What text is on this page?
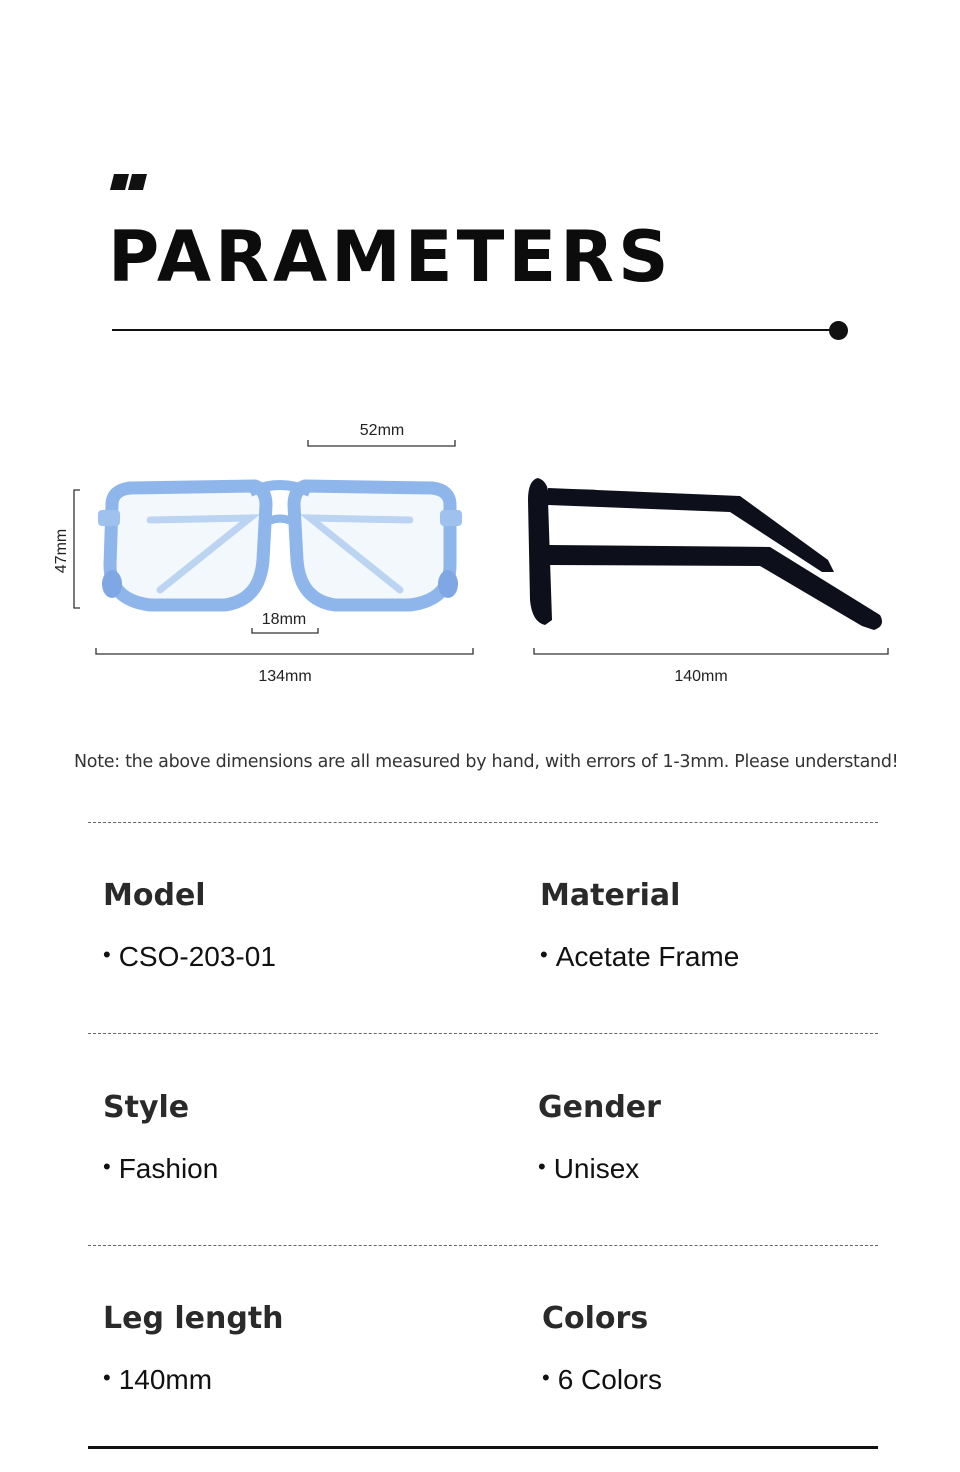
PARAMETERS
52mm
47mm
18mm
134mm	140mm

Note: the above dimensions are all measured by hand, with errors of 1-3mm. Please understand!

Model

• CSO-203-01

Material

• Acetate Frame

Style

• Fashion

Gender

• Unisex

Leg length

• 140mm

Colors

• 6 Colors
